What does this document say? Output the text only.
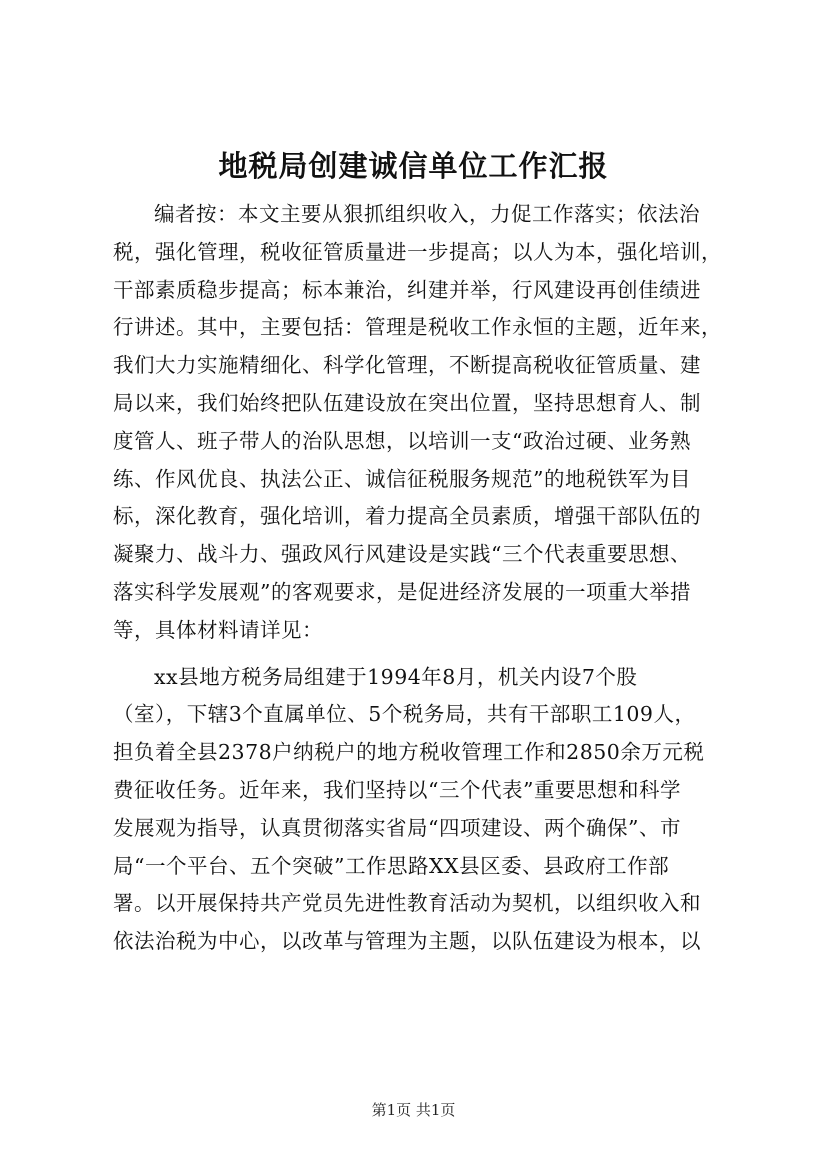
地税局创建诚信单位工作汇报
编者按：本文主要从狠抓组织收入，力促工作落实；依法治
税，强化管理，税收征管质量进一步提高；以人为本，强化培训，
干部素质稳步提高；标本兼治，纠建并举，行风建设再创佳绩进
行讲述。其中，主要包括：管理是税收工作永恒的主题，近年来，
我们大力实施精细化、科学化管理，不断提高税收征管质量、建
局以来，我们始终把队伍建设放在突出位置，坚持思想育人、制
度管人、班子带人的治队思想，以培训一支“政治过硬、业务熟
练、作风优良、执法公正、诚信征税服务规范”的地税铁军为目
标，深化教育，强化培训，着力提高全员素质，增强干部队伍的
凝聚力、战斗力、强政风行风建设是实践“三个代表重要思想、
落实科学发展观”的客观要求，是促进经济发展的一项重大举措
等，具体材料请详见：
xx县地方税务局组建于1994年8月，机关内设7个股
（室），下辖3个直属单位、5个税务局，共有干部职工109人，
担负着全县2378户纳税户的地方税收管理工作和2850余万元税
费征收任务。近年来，我们坚持以“三个代表”重要思想和科学
发展观为指导，认真贯彻落实省局“四项建设、两个确保”、市
局“一个平台、五个突破”工作思路XX县区委、县政府工作部
署。以开展保持共产党员先进性教育活动为契机，以组织收入和
依法治税为中心，以改革与管理为主题，以队伍建设为根本，以
第1页 共1页
